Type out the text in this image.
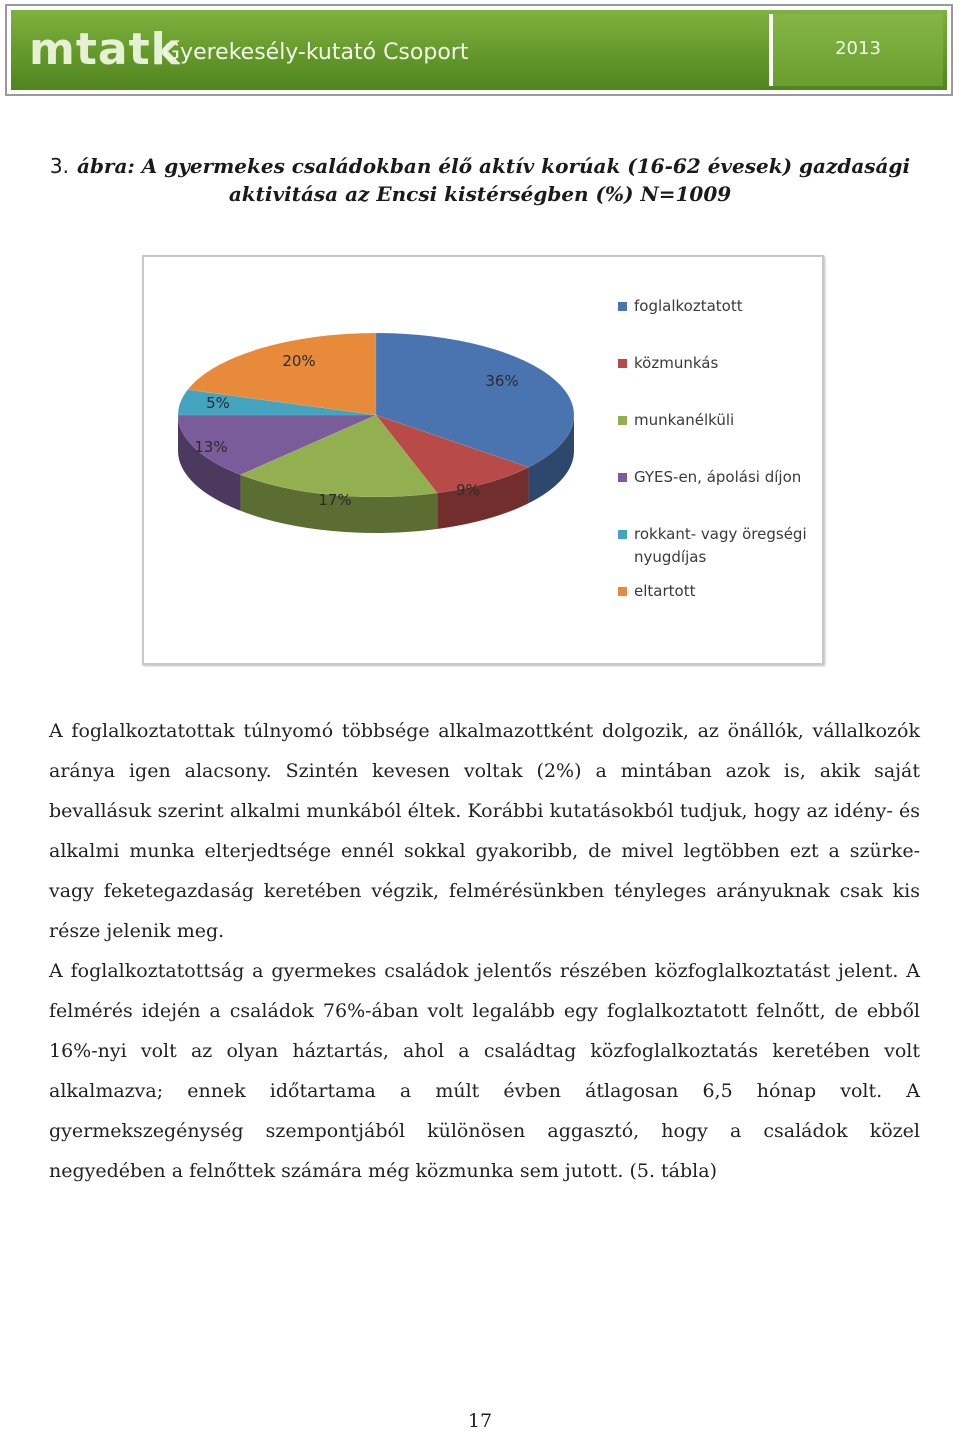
mtatk
Gyerekesély-kutató Csoport	2013
3. ábra: A gyermekes családokban élő aktív korúak (16-62 évesek) gazdasági aktivitása az Encsi kistérségben (%) N=1009
36%
9%
17%
13%
5%
20%
foglalkoztatott
közmunkás
munkanélküli
GYES-en, ápolási díjon
rokkant- vagy öregségi nyugdíjas
eltartott
A foglalkoztatottak túlnyomó többsége alkalmazottként dolgozik, az önállók, vállalkozók aránya igen alacsony. Szintén kevesen voltak (2%) a mintában azok is, akik saját bevallásuk szerint alkalmi munkából éltek. Korábbi kutatásokból tudjuk, hogy az idény- és alkalmi munka elterjedtsége ennél sokkal gyakoribb, de mivel legtöbben ezt a szürke- vagy feketegazdaság keretében végzik, felmérésünkben tényleges arányuknak csak kis része jelenik meg.
A foglalkoztatottság a gyermekes családok jelentős részében közfoglalkoztatást jelent. A felmérés idején a családok 76%-ában volt legalább egy foglalkoztatott felnőtt, de ebből 16%-nyi volt az olyan háztartás, ahol a családtag közfoglalkoztatás keretében volt alkalmazva; ennek időtartama a múlt évben átlagosan 6,5 hónap volt. A gyermekszegénység szempontjából különösen aggasztó, hogy a családok közel negyedében a felnőttek számára még közmunka sem jutott. (5. tábla)
17
